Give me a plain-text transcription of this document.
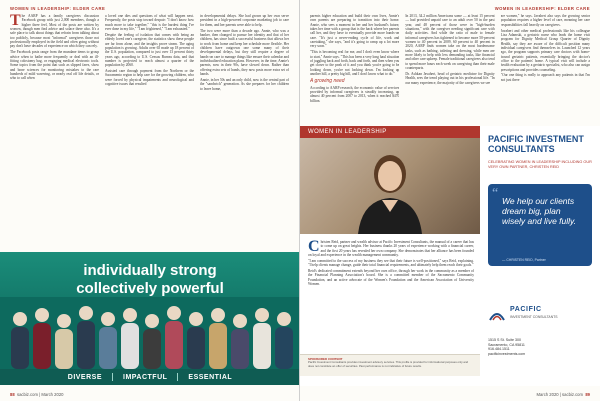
WOMEN IN LEADERSHIP: ELDER CARE

The AARP has a family caregivers discussion Facebook group with just 2,000 members, though a higher three feel, Most of the posts are written by women, though men find advice and solace there also. It's a safe place to talk about things that refrain from talking about too publicly, because most "informal" caregivers those not professionally employed in the field and often going without pay don't have decades of experience on which they can rely.

The Facebook posts range from the mundane items to group advice when to bathe more frequently or deal with an ill-fitting colostomy bag, or engaging medical electronic tools. Some topics from the point that such as slipped fares, show and bone sciences for monitoring mistakes to the rare hundreds of mild wavering, or nearly real off life details, or who to call when

a loved one dies and questions of what will happen next. Frequently, the posts stop toward despair: "I don't know how much more to take together," "this is the hardest thing I've ever done in my life," "I am frightened," "I am exhausted."

Despite the feeling of isolation that comes with being an elderly loved one's caregiver, the statistics show these people are far from alone, and the insights prove steam. The aging population is growing. Adults over 65 made up 18 percent of the U.S. population, compared to just over 13 percent thirty years ago, according to U.S. Census Bureau data, and that number is projected to reach almost a quarter of the population by 2060.

Assisted care through payment from the Northern or the Sacramento region to help care for the growing children, who were forced by physical impairments and neurological and cognitive issues that resulted

in developmental delays. She had grown up her own serve president in a high-powered corporate marketing job to care for them, and her parents were able to help.

The two were more than a decade ago. Annie, who was a banker, then changed to pursue her identity and that of her children, has since built a successful business that allows her to work from home and keep her schedule more flexible. Her children have outgrown one some many of their developmental delays, but they still require a degree of hands-on care to manage things like ensure their calendar and individualized education plans. However, in the time, Annie's parents, now in their 90s, have slowed down. Rather than offering extra sets of hands, they now posts more extra set of hands.

Annie, in her 50s and an only child, now is the central part of the "sandwich" generation. As she prepares for her children to leave home,

individually strong
collectively powerful
DIVERSE	IMPACTFUL	ESSENTIAL
88 sacbiz.com | March 2020
WOMEN IN LEADERSHIP: ELDER CARE

parents higher education and build their own lives, Annie's own parents are preparing to transition into their home. Annie, who sees a moment in her and her husband's future, takes her time with a group that is the back where her parents call her, and they have to eventually provide more hands-on care. "It's just a never-ending cycle of life, work and caretaking," she says, "and it's going to ramp up a lot more very soon."

"This is becoming real for me, and I don't even know where to start," Annie says. "This has been a very long haul situation of juggling back and forth, back and forth, and then when you get closer to the peak of it and you think you're going to be looking down, you're not looking down. I'm looking up another hill, a pretty big hill, and I don't know what to do."

A growing need

According to AARP research, the economic value of services provided by informal caregivers is steadily increasing, up almost 40 percent from 2007 to 2013, when it reached $470 billion.

In 2013, 34.2 million Americans some — at least 15 percent — had provided unpaid care to an adult over 50 in the past year, and 48 percent of those were in "high-burden situations," with the caregiver needing significant care with daily activities. And while the ratio of male to female informal caregivers has tightened to become more 50-percent women to 40 percent in 2009, 60 percent to 40 percent in 2020, AARP finds women take on the most burdensome tasks, such as bathing, toileting and dressing, while men are more likely to help with less demanding tasks, like financial and other care upkeep. Female traditional caregivers also tend to spend more hours each week on caregiving than their male counterparts.

Dr. Ashkan Javaheri, head of geriatric medicine for Dignity Health, sees the trend playing out in his professional life. "In our many experience, the majority of the caregivers we see

are women," he says. Javaheri also says the growing senior population requires a higher level of care, meaning her care responsibilities fall heavily on caregivers.

Javaheri and other medical professionals like his colleague Lisa Adamski, a geriatric nurse who leads the home visit program for Dignity Medical Group Quarter of Dignity Health, say they are aware of the difficult position many individual caregivers find themselves in. Launched 12 years ago, the program supports primary care doctors with home-bound geriatric patients, essentially bringing the doctor's office to the patients' home. A typical visit will include a health evaluation by a geriatric specialist, who also can assign prescriptions and provides counseling.

"Our one thing is really to approach any patients in that I'm not just there

WOMEN IN LEADERSHIP

Christen Reid, partner and wealth advisor at Pacific Investment Consultants, the manual of a career that has to come up on great heights. Her business thanks 20 years of experience working with a financial career, and the first 20 years has revealed her own company. She demonstrates that her alliance has been founded on loyal and experience in the wealth management community.

"I am committed to the success of my business they see that their future is well-positioned," says Reid, explaining. "I help clients manage change, guide their total financial requirements, and ultimately help them reach their goals."

Reid's dedicated commitment extends beyond her own office, through her work in the community as a member of the Financial Planning Association's board. She is a committed member of the Sacramento Community Foundation, and an active advocate of the Women's Foundation and the American Association of University Women.

SPONSORED CONTENT
Pacific Investment Consultants provides investment advisory services. This profile is provided for informational purposes only and does not constitute an offer of securities. Past performance is not indicative of future results.
PACIFIC INVESTMENT CONSULTANTS
CELEBRATING WOMEN IN LEADERSHIP INCLUDING OUR VERY OWN PARTNER, CHRISTEN REID
“ We help our clients dream big, plan wisely and live fully.
— CHRISTEN REID, Partner
PACIFIC
INVESTMENT CONSULTANTS
1515 S St. Suite 300
Sacramento, CA 95811
916.484.1511
pacificinvestments.com
March 2020 | sacbiz.com 89
